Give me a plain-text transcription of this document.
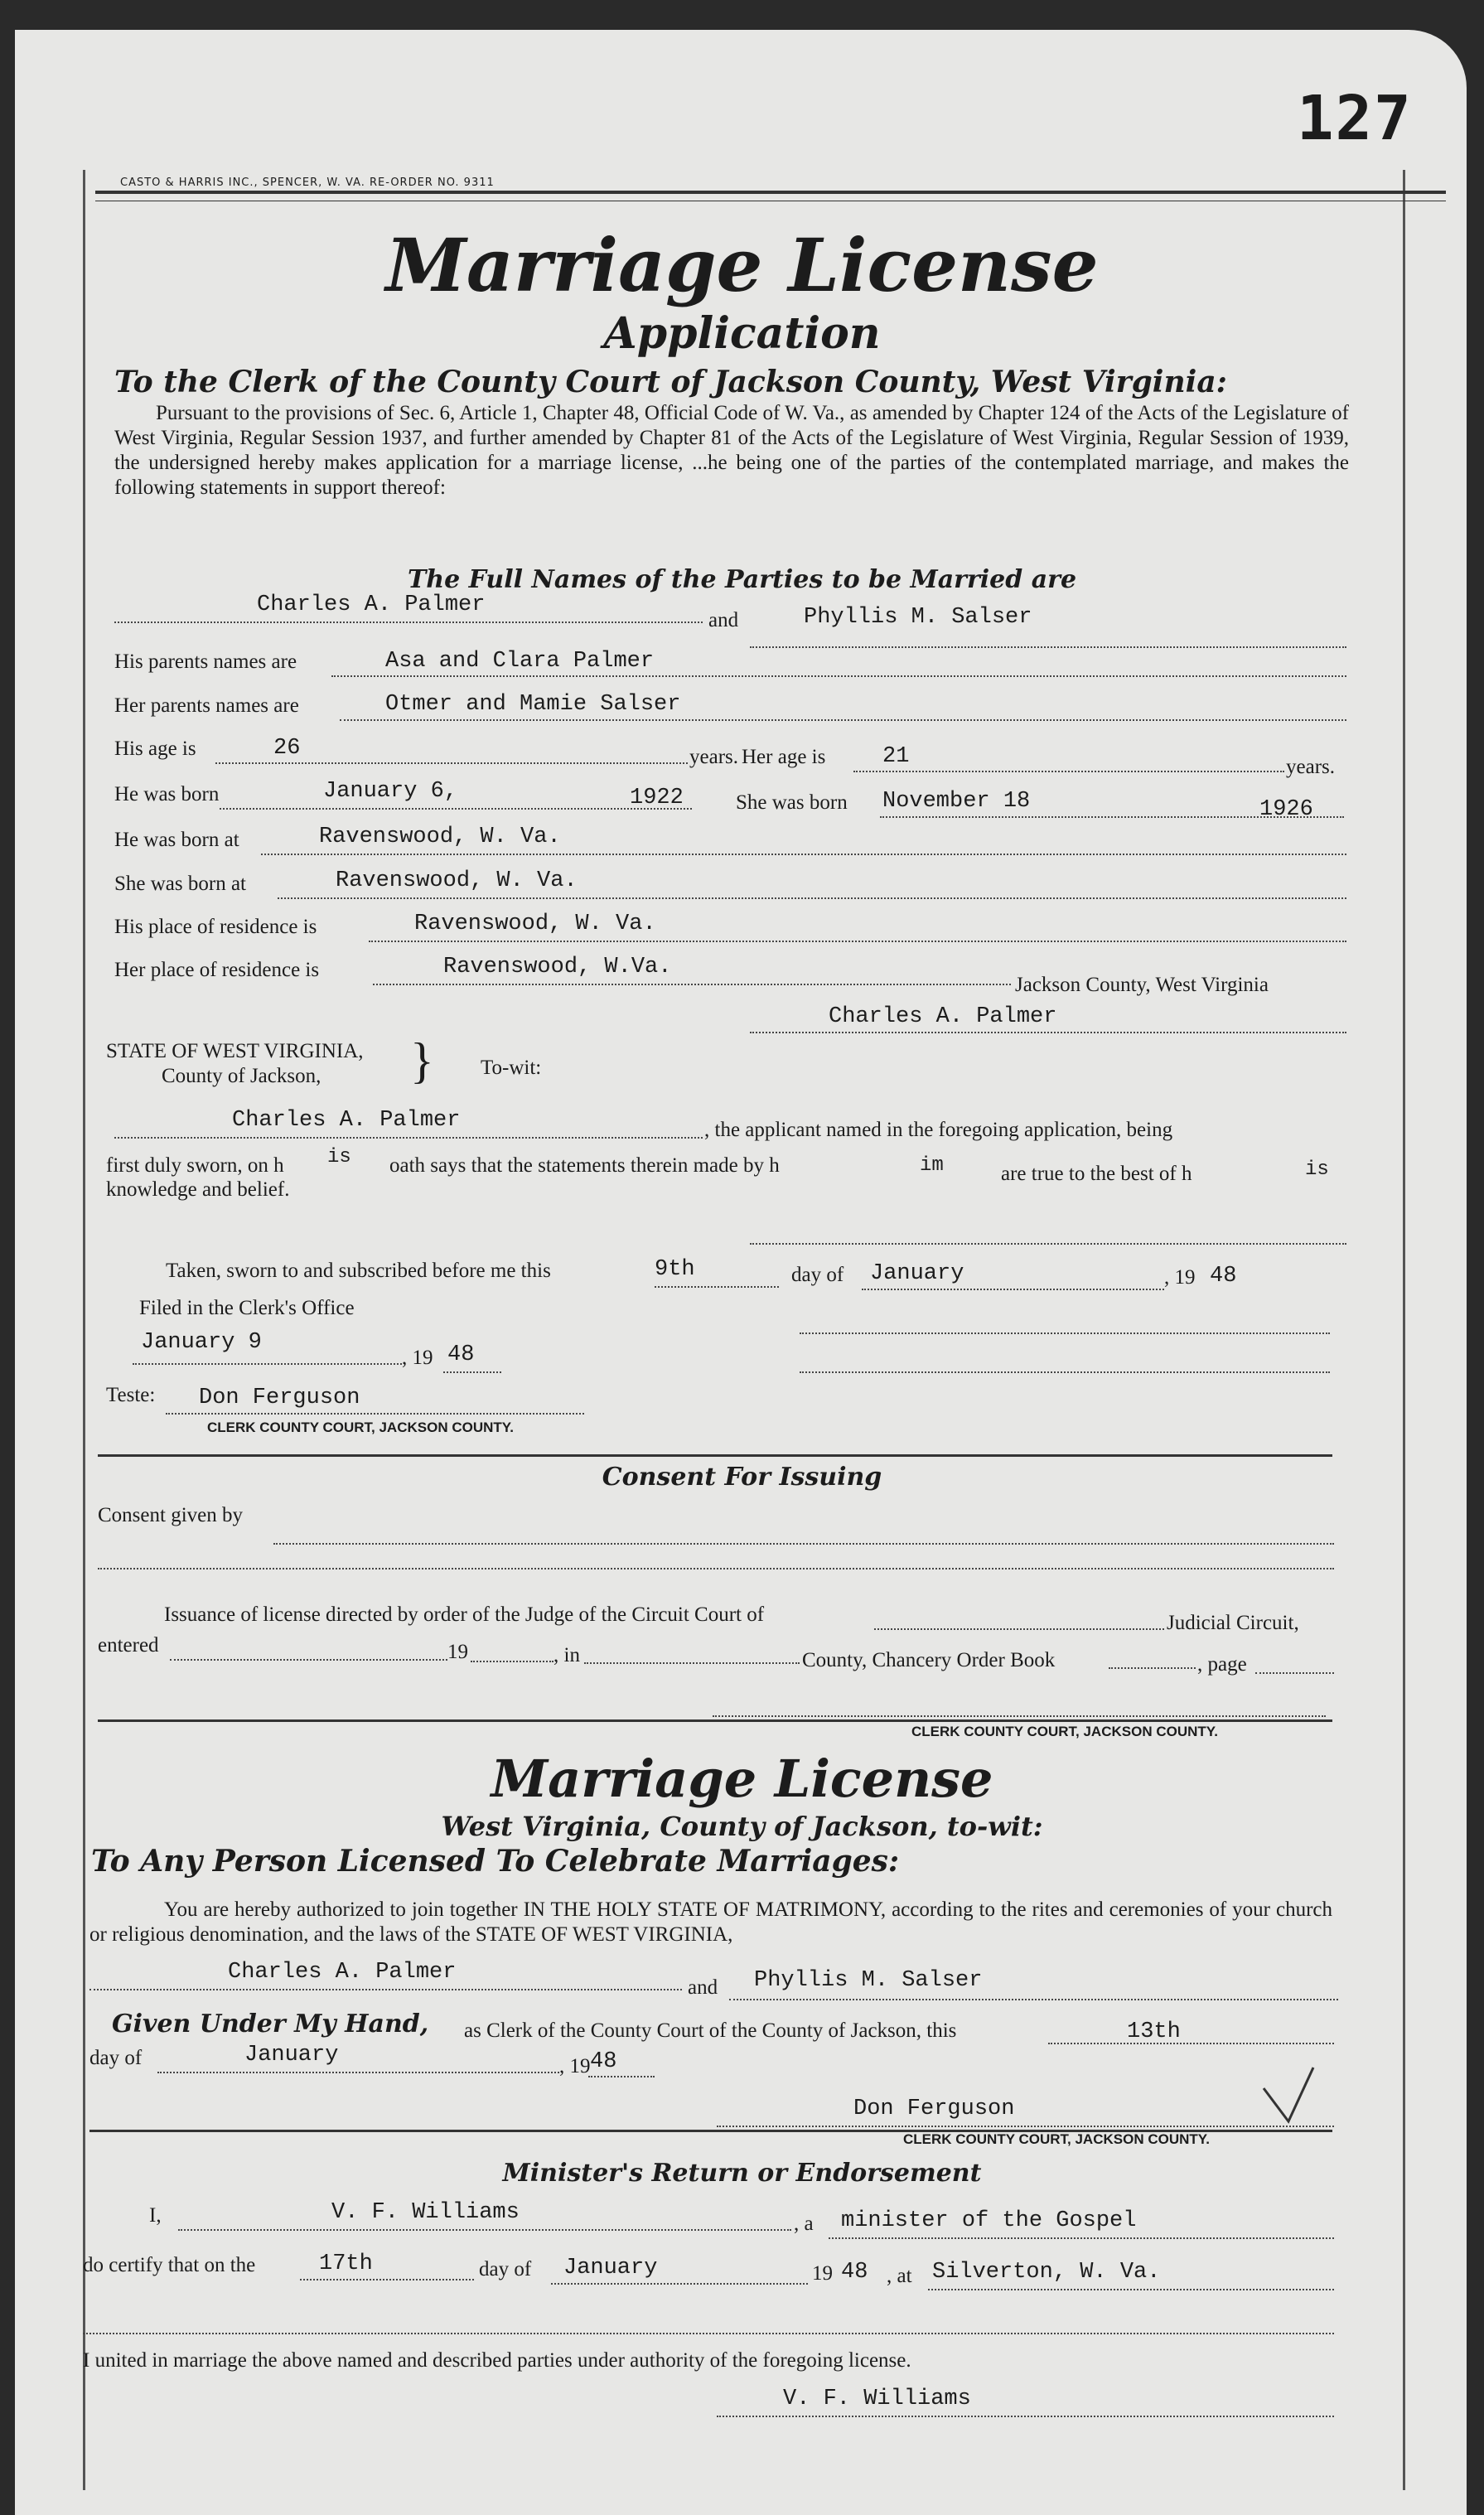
127
CASTO & HARRIS INC., SPENCER, W. VA. RE-ORDER NO. 9311
Marriage License
Application
To the Clerk of the County Court of Jackson County, West Virginia:
Pursuant to the provisions of Sec. 6, Article 1, Chapter 48, Official Code of W. Va., as amended by Chapter 124 of the Acts of the Legislature of West Virginia, Regular Session 1937, and further amended by Chapter 81 of the Acts of the Legislature of West Virginia, Regular Session of 1939, the undersigned hereby makes application for a marriage license, ...he being one of the parties of the contemplated marriage, and makes the following statements in support thereof:
The Full Names of the Parties to be Married are
Charles A. Palmer
and	Phyllis M. Salser
His parents names are	Asa and Clara Palmer
Her parents names are	Otmer and Mamie Salser
His age is	26	years. Her age is	21	years.
He was born	January 6,	1922	She was born November 18	1926
He was born at	Ravenswood, W. Va.
She was born at	Ravenswood, W. Va.
His place of residence is	Ravenswood, W. Va.
Her place of residence is	Ravenswood, W.Va.
Jackson County, West Virginia
Charles A. Palmer
STATE OF WEST VIRGINIA,
County of Jackson, } To-wit:
Charles A. Palmer	, the applicant named in the foregoing application, being
first duly sworn, on h is oath says that the statements therein made by h	im	are true to the best of h	is
knowledge and belief.
Taken, sworn to and subscribed before me this	9th	day of January	, 19 48
Filed in the Clerk's Office
January 9
, 19 48
Teste: Don Ferguson
CLERK COUNTY COURT, JACKSON COUNTY.
Consent For Issuing
Consent given by
Issuance of license directed by order of the Judge of the Circuit Court of	Judicial Circuit,
entered	19	, in	County, Chancery Order Book	, page
CLERK COUNTY COURT, JACKSON COUNTY.
Marriage License
West Virginia, County of Jackson, to-wit:
To Any Person Licensed To Celebrate Marriages:
You are hereby authorized to join together IN THE HOLY STATE OF MATRIMONY, according to the rites and ceremonies of your church or religious denomination, and the laws of the STATE OF WEST VIRGINIA,
Charles A. Palmer
and Phyllis M. Salser
Given Under My Hand, as Clerk of the County Court of the County of Jackson, this	13th
day of	January	, 19 48
Don Ferguson
CLERK COUNTY COURT, JACKSON COUNTY.
Minister's Return or Endorsement
I,	V. F. Williams	, a minister of the Gospel
do certify that on the	17th	day of January	19 48 , at Silverton, W. Va.
I united in marriage the above named and described parties under authority of the foregoing license.
V. F. Williams
